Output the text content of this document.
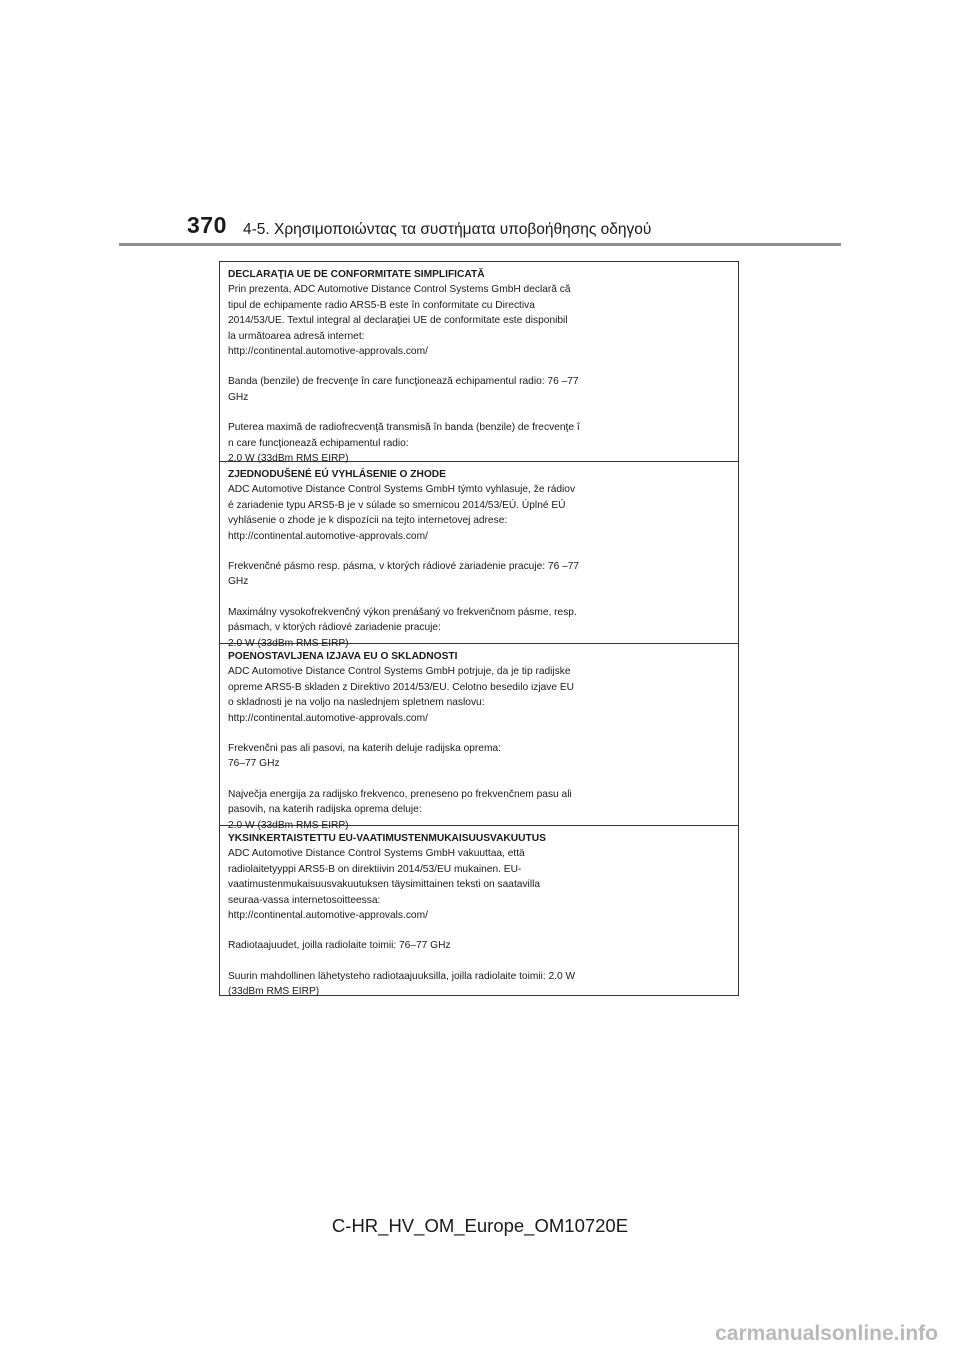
370 4-5. Χρησιμοποιώντας τα συστήματα υποβοήθησης οδηγού
DECLARAŢIA UE DE CONFORMITATE SIMPLIFICATĂ
Prin prezenta, ADC Automotive Distance Control Systems GmbH declară că
tipul de echipamente radio ARS5-B este în conformitate cu Directiva
2014/53/UE. Textul integral al declaraţiei UE de conformitate este disponibil
la următoarea adresă internet:
http://continental.automotive-approvals.com/
Banda (benzile) de frecvenţe în care funcţionează echipamentul radio: 76 –77
GHz
Puterea maximă de radiofrecvenţă transmisă în banda (benzile) de frecvenţe î
n care funcţionează echipamentul radio:
2.0 W (33dBm RMS EIRP)
ZJEDNODUŠENÉ EÚ VYHLÁSENIE O ZHODE
ADC Automotive Distance Control Systems GmbH týmto vyhlasuje, že rádiov
é zariadenie typu ARS5-B je v súlade so smernicou 2014/53/EÚ. Úplné EÚ
vyhlásenie o zhode je k dispozícii na tejto internetovej adrese:
http://continental.automotive-approvals.com/
Frekvenčné pásmo resp. pásma, v ktorých rádiové zariadenie pracuje: 76 –77
GHz
Maximálny vysokofrekvenčný výkon prenášaný vo frekvenčnom pásme, resp.
pásmach, v ktorých rádiové zariadenie pracuje:
2.0 W (33dBm RMS EIRP)
POENOSTAVLJENA IZJAVA EU O SKLADNOSTI
ADC Automotive Distance Control Systems GmbH potrjuje, da je tip radijske
opreme ARS5-B skladen z Direktivo 2014/53/EU. Celotno besedilo izjave EU
o skladnosti je na voljo na naslednjem spletnem naslovu:
http://continental.automotive-approvals.com/
Frekvenčni pas ali pasovi, na katerih deluje radijska oprema:
76–77 GHz
Največja energija za radijsko frekvenco, preneseno po frekvenčnem pasu ali
pasovih, na katerih radijska oprema deluje:
2.0 W (33dBm RMS EIRP)
YKSINKERTAISTETTU EU-VAATIMUSTENMUKAISUUSVAKUUTUS
ADC Automotive Distance Control Systems GmbH vakuuttaa, että
radiolaitetyyppi ARS5-B on direktiivin 2014/53/EU mukainen. EU-
vaatimustenmukaisuusvakuutuksen täysimittainen teksti on saatavilla
seuraa-vassa internetosoitteessa:
http://continental.automotive-approvals.com/
Radiotaajuudet, joilla radiolaite toimii: 76–77 GHz
Suurin mahdollinen lähetysteho radiotaajuuksilla, joilla radiolaite toimii: 2.0 W
(33dBm RMS EIRP)
C-HR_HV_OM_Europe_OM10720E
carmanualsonline.info
